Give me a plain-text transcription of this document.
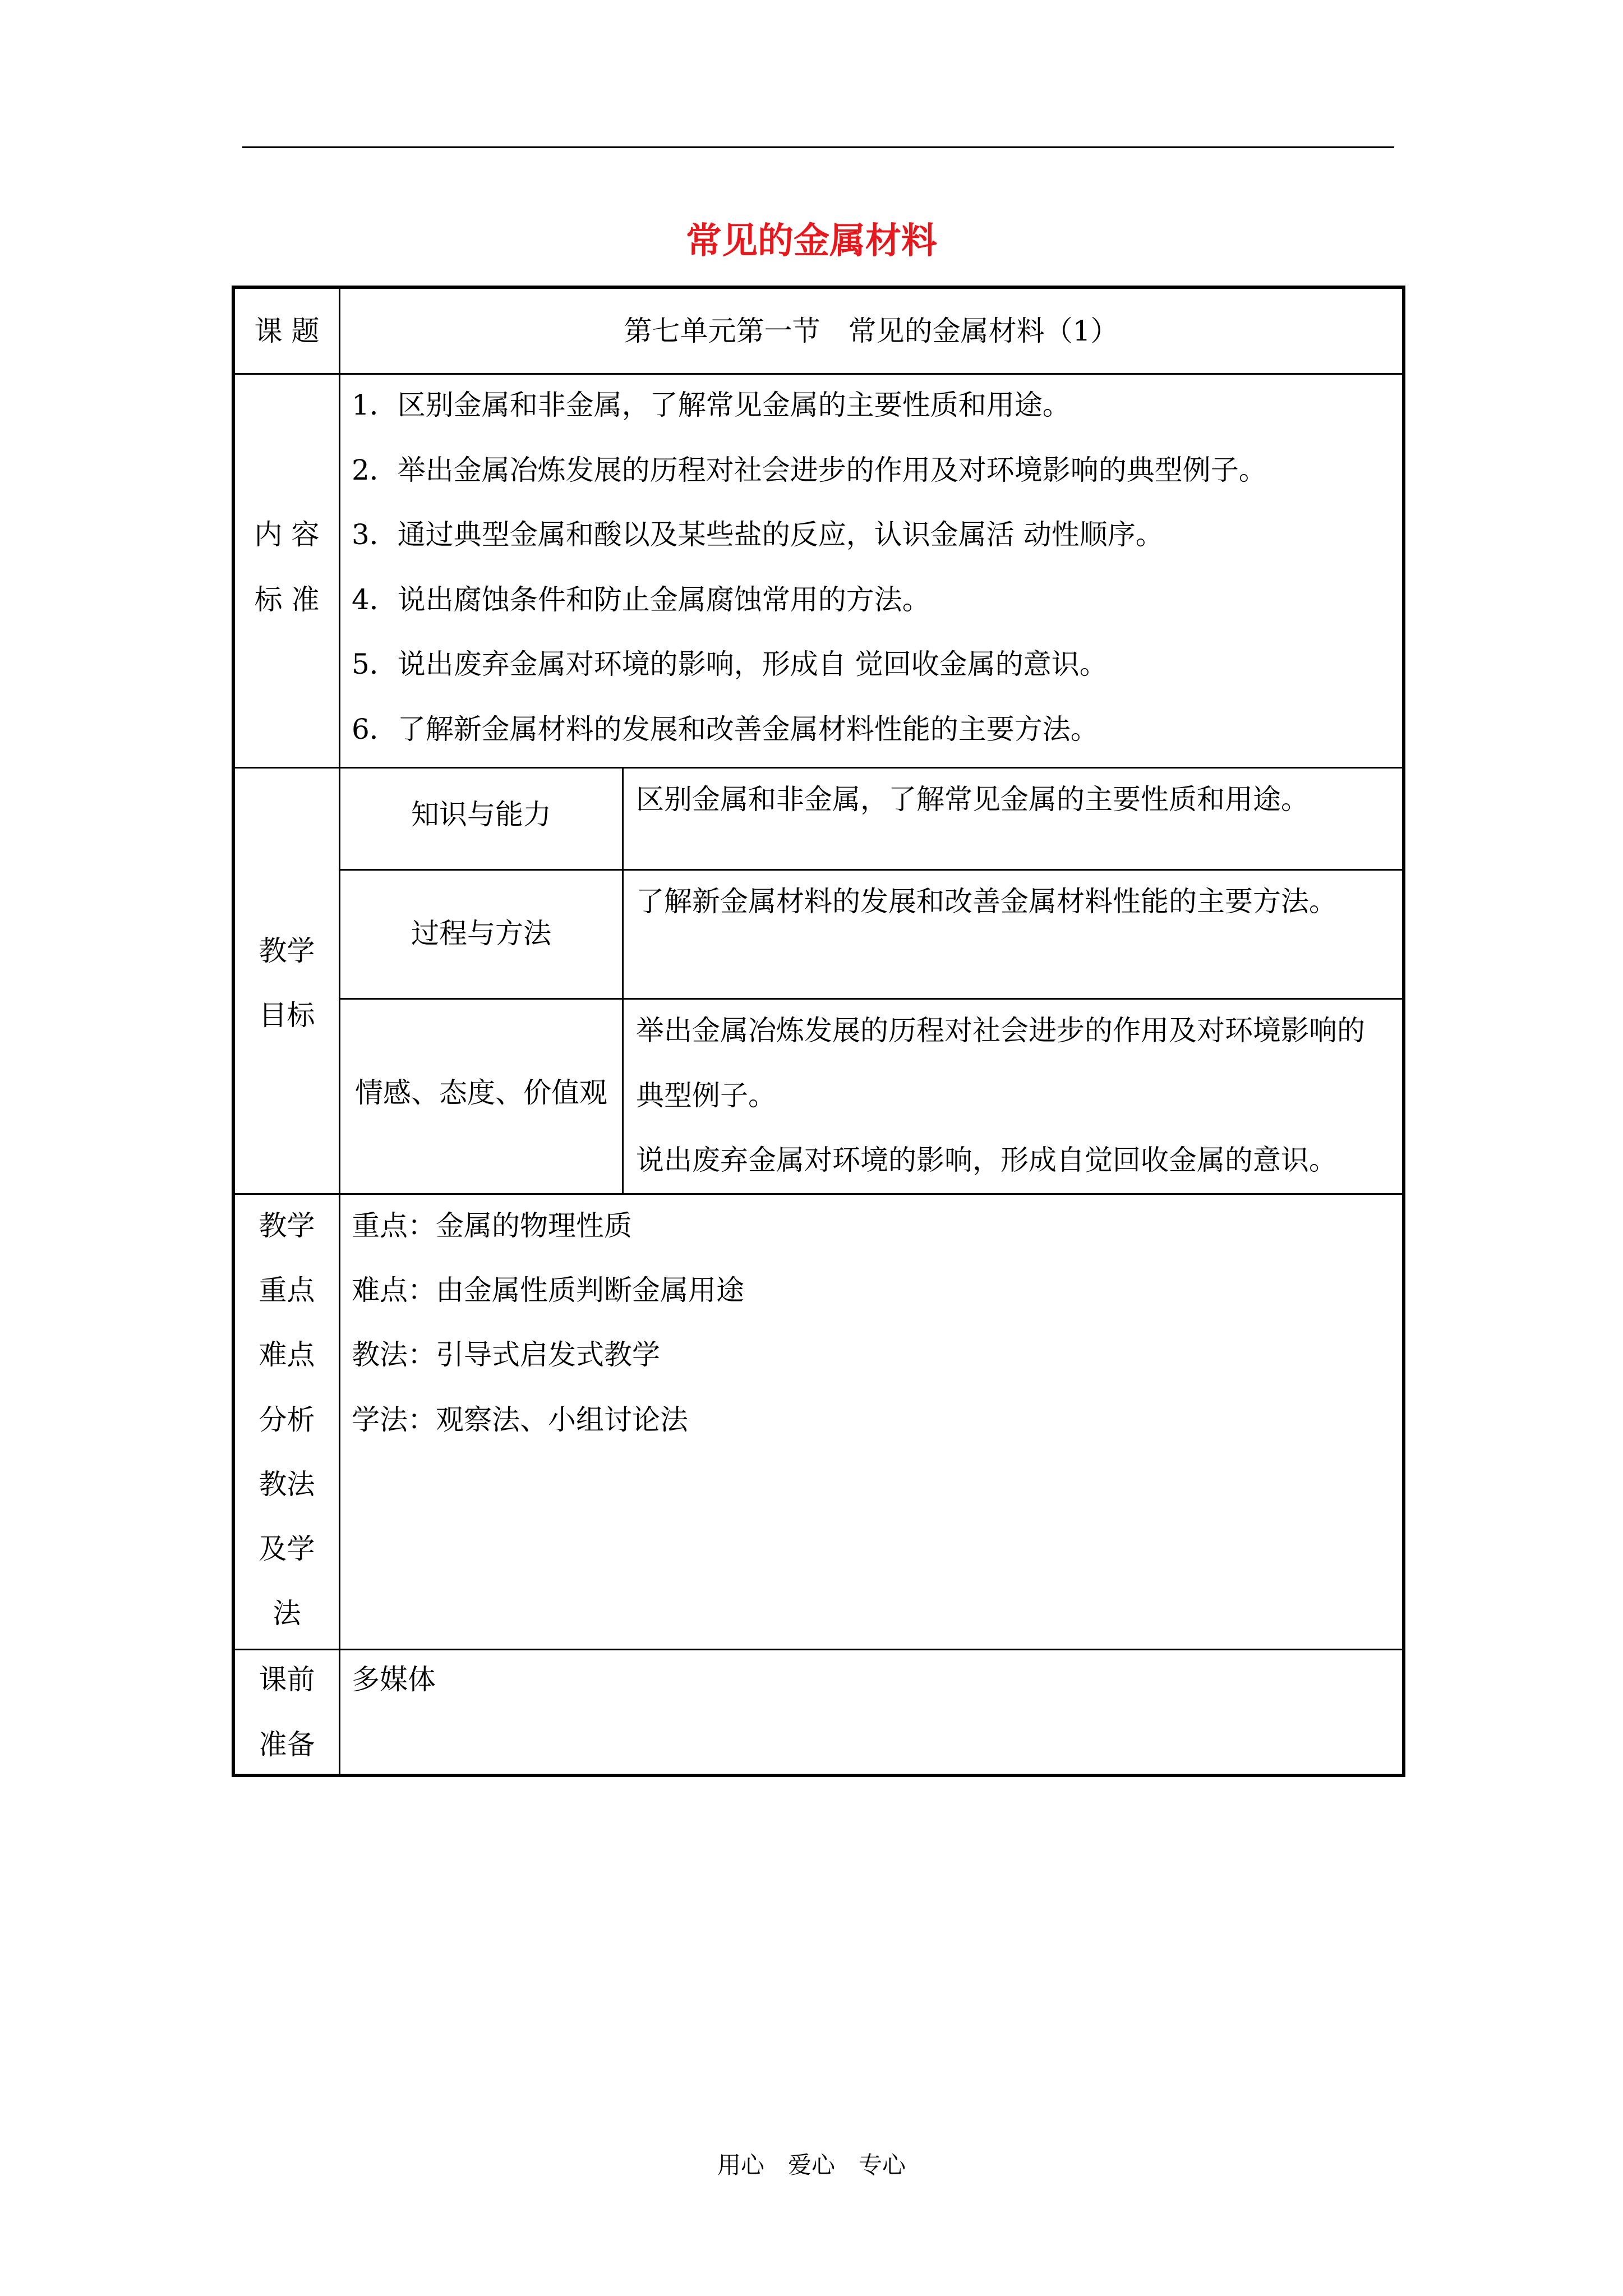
常见的金属材料
课 题	第七单元第一节　常见的金属材料（1）
内 容
标 准
1．区别金属和非金属，了解常见金属的主要性质和用途。
2．举出金属冶炼发展的历程对社会进步的作用及对环境影响的典型例子。
3．通过典型金属和酸以及某些盐的反应，认识金属活 动性顺序。
4．说出腐蚀条件和防止金属腐蚀常用的方法。
5．说出废弃金属对环境的影响，形成自 觉回收金属的意识。
6．了解新金属材料的发展和改善金属材料性能的主要方法。
教学
目标
知识与能力	区别金属和非金属，了解常见金属的主要性质和用途。
过程与方法
了解新金属材料的发展和改善金属材料性能的主要方法。
情感、态度、价值观
举出金属冶炼发展的历程对社会进步的作用及对环境影响的
典型例子。
说出废弃金属对环境的影响，形成自觉回收金属的意识。
教学
重点
难点
分析
教法
及学
法
重点：金属的物理性质
难点：由金属性质判断金属用途
教法：引导式启发式教学
学法：观察法、小组讨论法
课前
准备
多媒体
用心　爱心　专心
